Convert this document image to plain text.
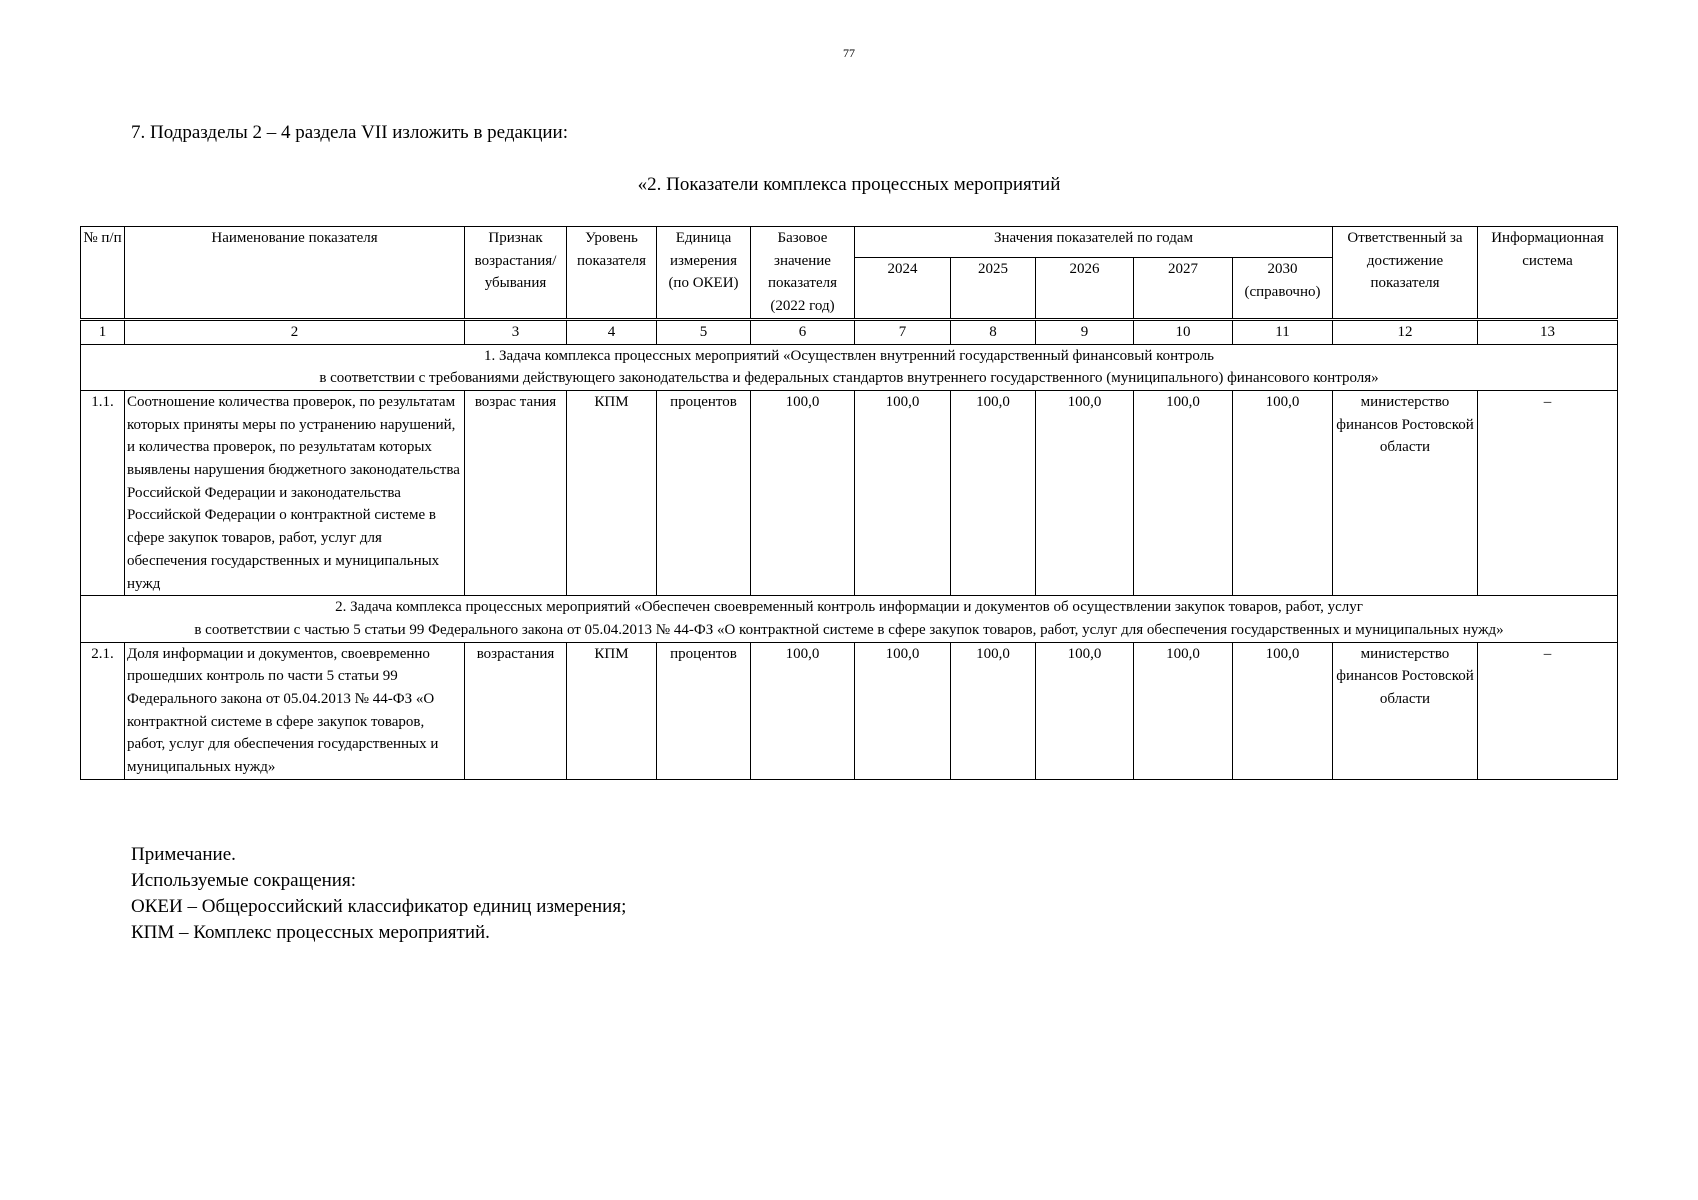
77
7. Подразделы 2 – 4 раздела VII изложить в редакции:
«2. Показатели комплекса процессных мероприятий
№ п/п	Наименование показателя	Признак возрастания/ убывания	Уровень показателя	Единица измерения (по ОКЕИ)	Базовое значение показателя (2022 год)	Значения показателей по годам					Ответственный за достижение показателя	Информационная система
						2024	2025	2026	2027	2030 (справочно)		
1	2	3	4	5	6	7	8	9	10	11	12	13

1. Задача комплекса процессных мероприятий «Осуществлен внутренний государственный финансовый контроль
в соответствии с требованиями действующего законодательства и федеральных стандартов внутреннего государственного (муниципального) финансового контроля»												

1.1.	Соотношение количества проверок, по результатам которых приняты меры по устранению нарушений, и количества проверок, по результатам которых выявлены нарушения бюджетного законодательства Российской Федерации и законодательства Российской Федерации о контрактной системе в сфере закупок товаров, работ, услуг для обеспечения государственных и муниципальных нужд	возрас тания	КПМ	процентов	100,0	100,0	100,0	100,0	100,0	100,0	министерство финансов Ростовской области	–

2. Задача комплекса процессных мероприятий «Обеспечен своевременный контроль информации и документов об осуществлении закупок товаров, работ, услуг
в соответствии с частью 5 статьи 99 Федерального закона от 05.04.2013 № 44-ФЗ «О контрактной системе в сфере закупок товаров, работ, услуг для обеспечения государственных и муниципальных нужд»												

2.1.	Доля информации и документов, своевременно прошедших контроль по части 5 статьи 99 Федерального закона от 05.04.2013 № 44-ФЗ «О контрактной системе в сфере закупок товаров, работ, услуг для обеспечения государственных и муниципальных нужд»	возрастания	КПМ	процентов	100,0	100,0	100,0	100,0	100,0	100,0	министерство финансов Ростовской области	–
Примечание.
Используемые сокращения:
ОКЕИ – Общероссийский классификатор единиц измерения;
КПМ – Комплекс процессных мероприятий.
